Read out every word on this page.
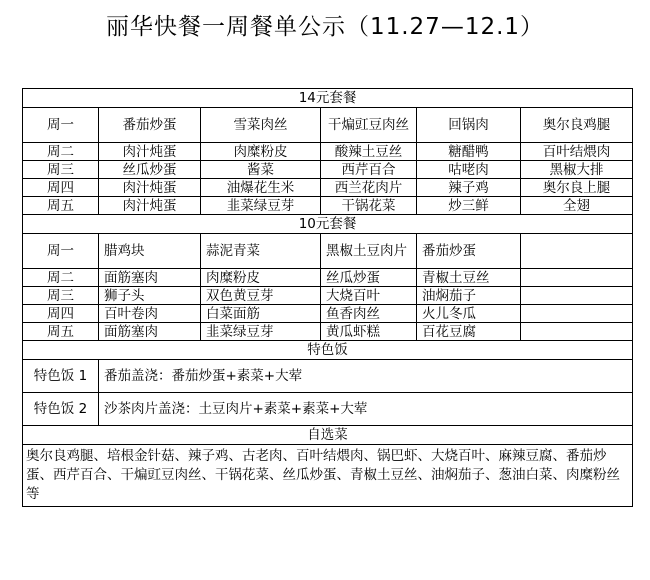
丽华快餐一周餐单公示（11.27—12.1）
14元套餐					
周一	番茄炒蛋	雪菜肉丝	干煸豇豆肉丝	回锅肉	奥尔良鸡腿
周二	肉汁炖蛋	肉糜粉皮	酸辣土豆丝	糖醋鸭	百叶结煨肉
周三	丝瓜炒蛋	酱菜	西芹百合	咕咾肉	黑椒大排
周四	肉汁炖蛋	油爆花生米	西兰花肉片	辣子鸡	奥尔良上腿
周五	肉汁炖蛋	韭菜绿豆芽	干锅花菜	炒三鲜	全翅
10元套餐					
周一	腊鸡块	蒜泥青菜	黑椒土豆肉片	番茄炒蛋	
周二	面筋塞肉	肉糜粉皮	丝瓜炒蛋	青椒土豆丝	
周三	狮子头	双色黄豆芽	大烧百叶	油焖茄子	
周四	百叶卷肉	白菜面筋	鱼香肉丝	火儿冬瓜	
周五	面筋塞肉	韭菜绿豆芽	黄瓜虾糕	百花豆腐	
特色饭					
特色饭 1	番茄盖浇：番茄炒蛋+素菜+大荤				
特色饭 2	沙茶肉片盖浇：土豆肉片+素菜+素菜+大荤				
自选菜					
奥尔良鸡腿、培根金针菇、辣子鸡、古老肉、百叶结煨肉、锅巴虾、大烧百叶、麻辣豆腐、番茄炒蛋、西芹百合、干煸豇豆肉丝、干锅花菜、丝瓜炒蛋、青椒土豆丝、油焖茄子、葱油白菜、肉糜粉丝等					
